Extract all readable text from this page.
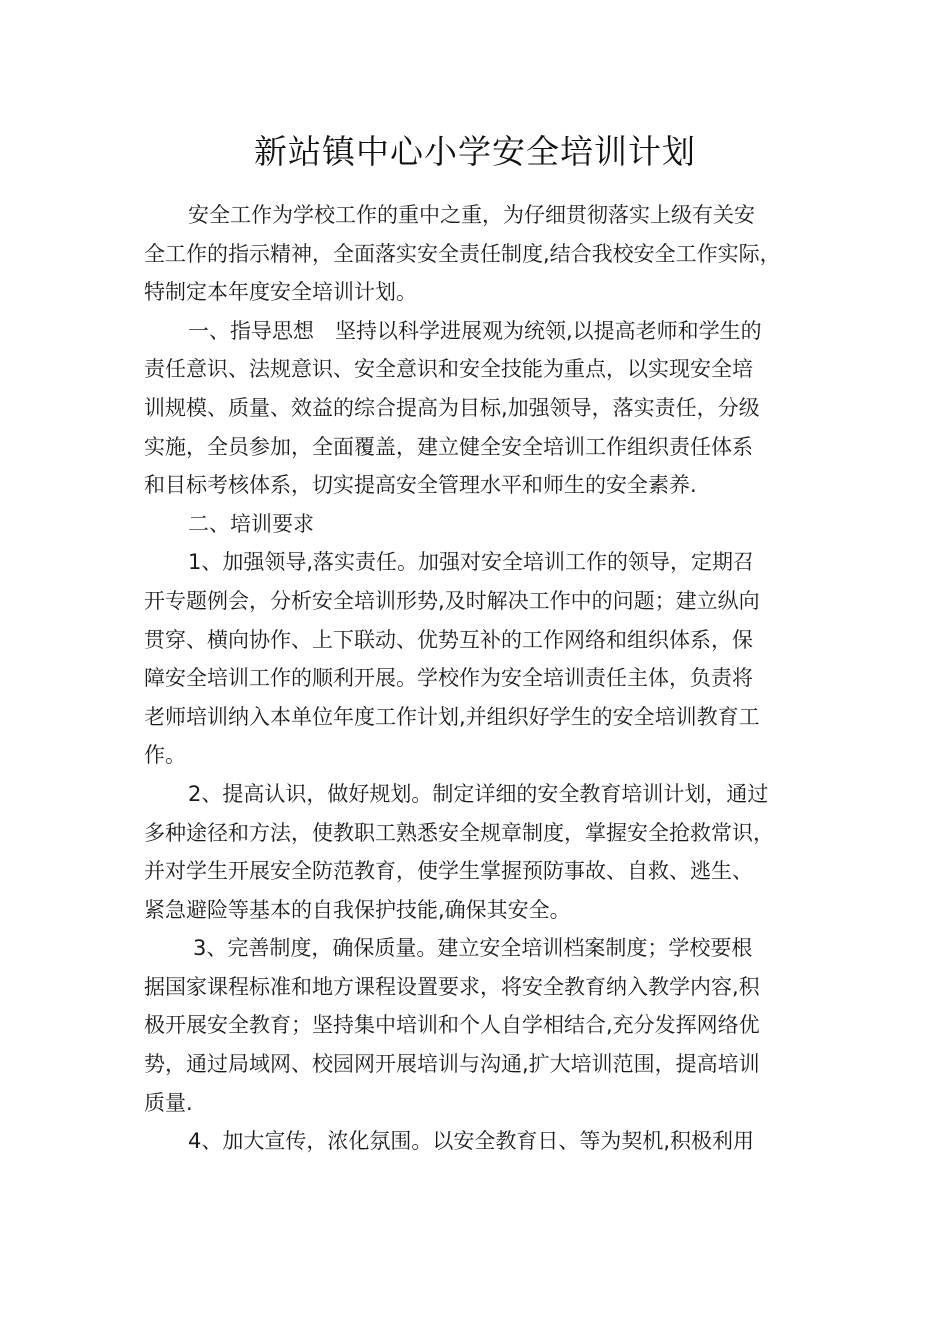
新站镇中心小学安全培训计划
安全工作为学校工作的重中之重，为仔细贯彻落实上级有关安
全工作的指示精神，全面落实安全责任制度,结合我校安全工作实际，
特制定本年度安全培训计划。
一、指导思想　坚持以科学进展观为统领,以提高老师和学生的
责任意识、法规意识、安全意识和安全技能为重点，以实现安全培
训规模、质量、效益的综合提高为目标,加强领导，落实责任，分级
实施，全员参加，全面覆盖，建立健全安全培训工作组织责任体系
和目标考核体系，切实提高安全管理水平和师生的安全素养.
二、培训要求
1、加强领导,落实责任。加强对安全培训工作的领导，定期召
开专题例会，分析安全培训形势,及时解决工作中的问题；建立纵向
贯穿、横向协作、上下联动、优势互补的工作网络和组织体系，保
障安全培训工作的顺利开展。学校作为安全培训责任主体，负责将
老师培训纳入本单位年度工作计划,并组织好学生的安全培训教育工
作。
2、提高认识，做好规划。制定详细的安全教育培训计划，通过
多种途径和方法，使教职工熟悉安全规章制度，掌握安全抢救常识，
并对学生开展安全防范教育，使学生掌握预防事故、自救、逃生、
紧急避险等基本的自我保护技能,确保其安全。
3、完善制度，确保质量。建立安全培训档案制度；学校要根
据国家课程标准和地方课程设置要求，将安全教育纳入教学内容,积
极开展安全教育；坚持集中培训和个人自学相结合,充分发挥网络优
势，通过局域网、校园网开展培训与沟通,扩大培训范围，提高培训
质量.
4、加大宣传，浓化氛围。以安全教育日、等为契机,积极利用
